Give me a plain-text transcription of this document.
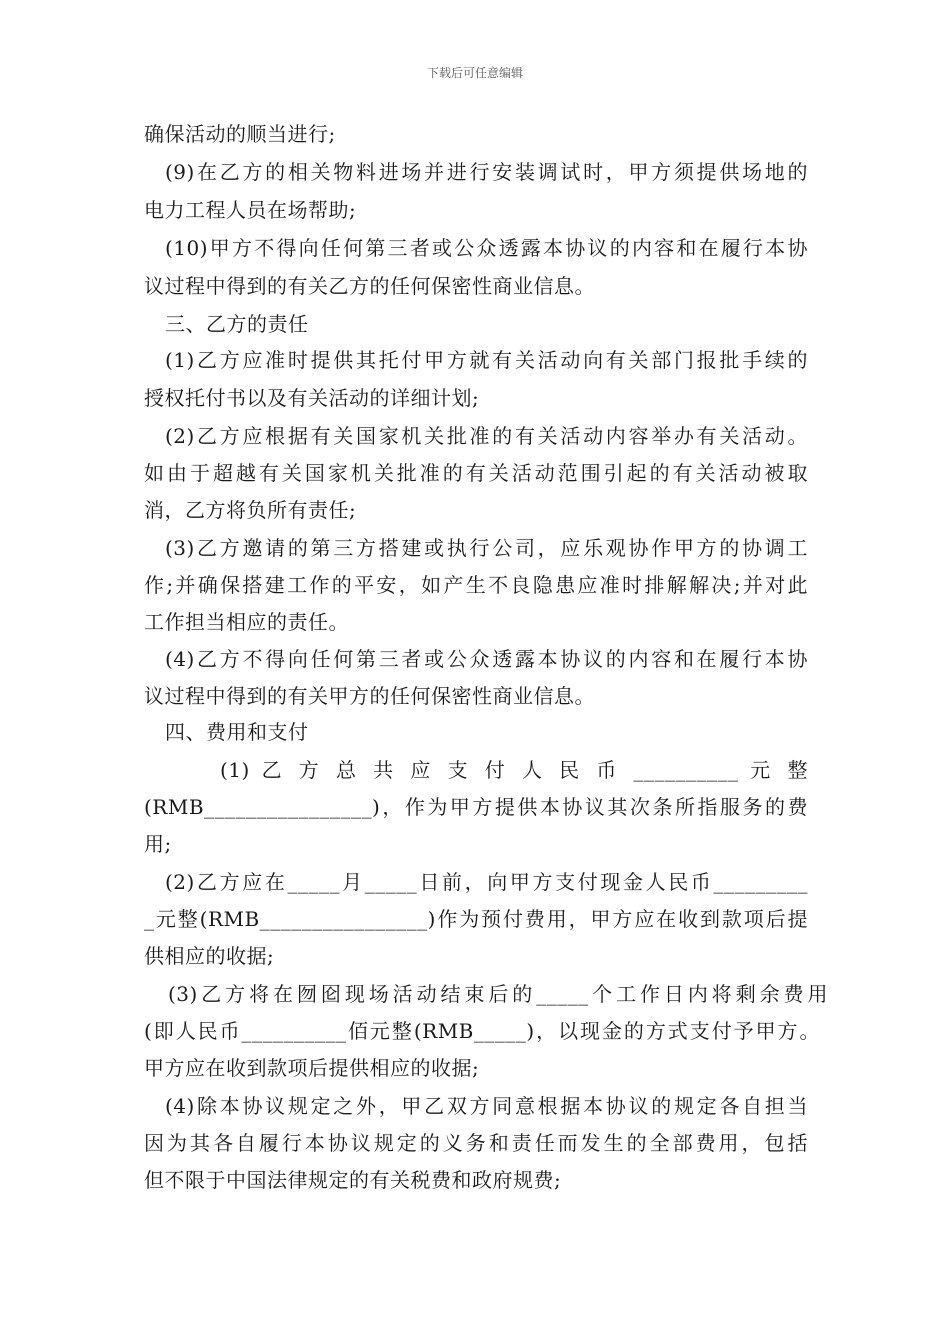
下载后可任意编辑
确保活动的顺当进行;
(9)在乙方的相关物料进场并进行安装调试时，甲方须提供场地的
电力工程人员在场帮助;
(10)甲方不得向任何第三者或公众透露本协议的内容和在履行本协
议过程中得到的有关乙方的任何保密性商业信息。
三、乙方的责任
(1)乙方应准时提供其托付甲方就有关活动向有关部门报批手续的
授权托付书以及有关活动的详细计划;
(2)乙方应根据有关国家机关批准的有关活动内容举办有关活动。
如由于超越有关国家机关批准的有关活动范围引起的有关活动被取
消，乙方将负所有责任;
(3)乙方邀请的第三方搭建或执行公司，应乐观协作甲方的协调工
作;并确保搭建工作的平安，如产生不良隐患应准时排解解决;并对此
工作担当相应的责任。
(4)乙方不得向任何第三者或公众透露本协议的内容和在履行本协
议过程中得到的有关甲方的任何保密性商业信息。
四、费用和支付
(1) 乙 方 总 共 应 支 付 人 民 币 __________ 元 整
(RMB________________)，作为甲方提供本协议其次条所指服务的费
用;
(2)乙方应在_____月_____日前，向甲方支付现金人民币_________
_元整(RMB________________)作为预付费用，甲方应在收到款项后提
供相应的收据;
(3)乙方将在囫囵现场活动结束后的_____个工作日内将剩余费用
(即人民币__________佰元整(RMB_____)，以现金的方式支付予甲方。
甲方应在收到款项后提供相应的收据;
(4)除本协议规定之外，甲乙双方同意根据本协议的规定各自担当
因为其各自履行本协议规定的义务和责任而发生的全部费用，包括
但不限于中国法律规定的有关税费和政府规费;
